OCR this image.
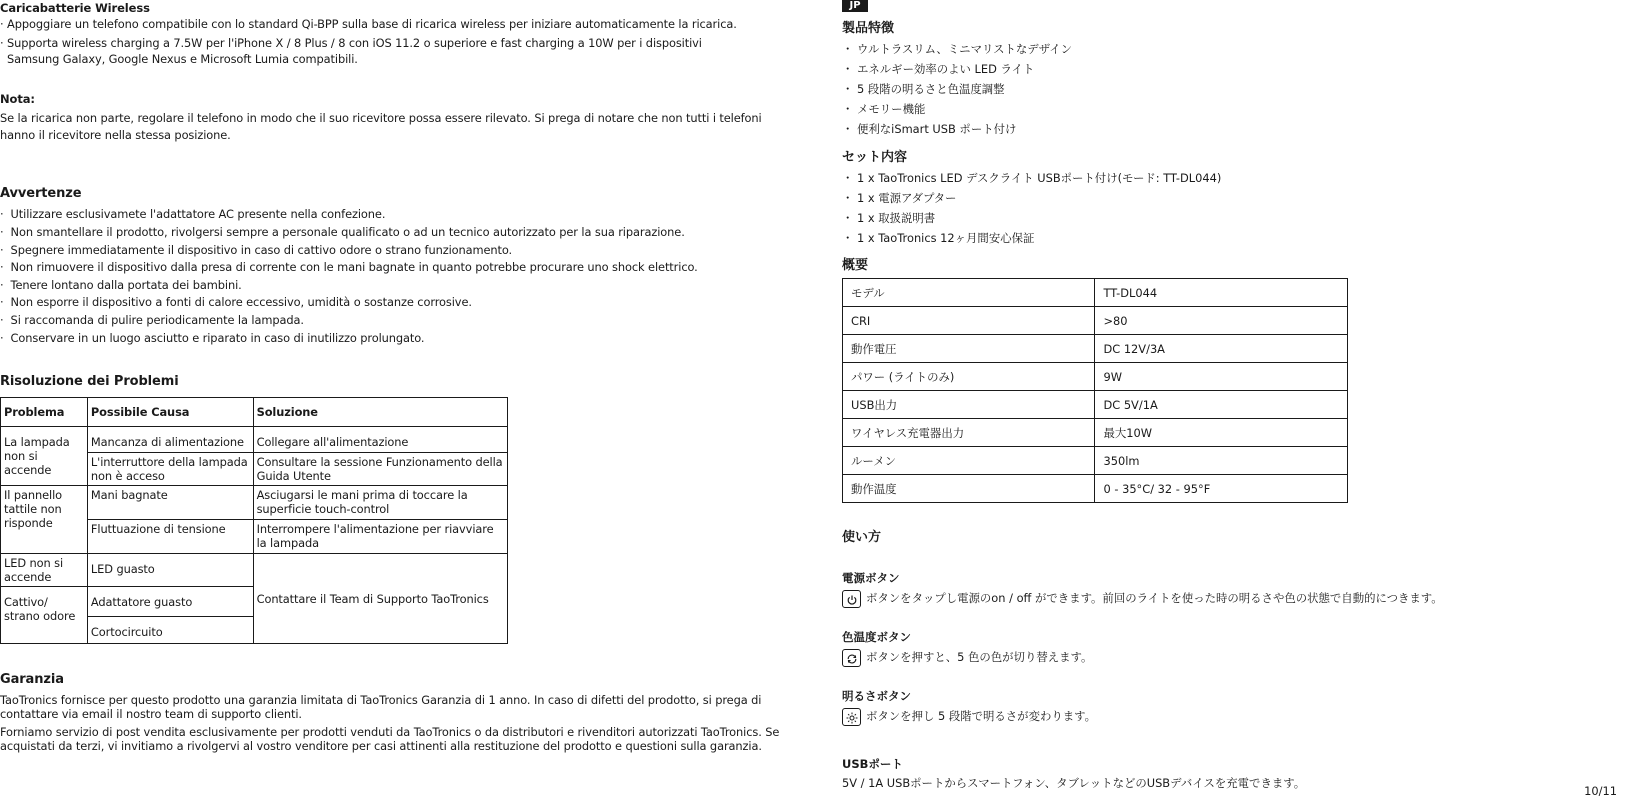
Caricabatterie Wireless
· Appoggiare un telefono compatibile con lo standard Qi-BPP sulla base di ricarica wireless per iniziare automaticamente la ricarica.
· Supporta wireless charging a 7.5W per l'iPhone X / 8 Plus / 8 con iOS 11.2 o superiore e fast charging a 10W per i dispositivi
Samsung Galaxy, Google Nexus e Microsoft Lumia compatibili.
Nota:
Se la ricarica non parte, regolare il telefono in modo che il suo ricevitore possa essere rilevato. Si prega di notare che non tutti i telefoni
hanno il ricevitore nella stessa posizione.
Avvertenze
·  Utilizzare esclusivamete l'adattatore AC presente nella confezione.
·  Non smantellare il prodotto, rivolgersi sempre a personale qualificato o ad un tecnico autorizzato per la sua riparazione.
·  Spegnere immediatamente il dispositivo in caso di cattivo odore o strano funzionamento.
·  Non rimuovere il dispositivo dalla presa di corrente con le mani bagnate in quanto potrebbe procurare uno shock elettrico.
·  Tenere lontano dalla portata dei bambini.
·  Non esporre il dispositivo a fonti di calore eccessivo, umidità o sostanze corrosive.
·  Si raccomanda di pulire periodicamente la lampada.
·  Conservare in un luogo asciutto e riparato in caso di inutilizzo prolungato.
Risoluzione dei Problemi
Problema	Possibile Causa	Soluzione
La lampada non si accende	Mancanza di alimentazione	Collegare all'alimentazione
	L'interruttore della lampada non è acceso	Consultare la sessione Funzionamento della Guida Utente
Il pannello tattile non risponde	Mani bagnate	Asciugarsi le mani prima di toccare la superficie touch-control
	Fluttuazione di tensione	Interrompere l'alimentazione per riavviare la lampada
LED non si accende	LED guasto	Contattare il Team di Supporto TaoTronics
Cattivo/ strano odore	Adattatore guasto	
	Cortocircuito	
Garanzia
TaoTronics fornisce per questo prodotto una garanzia limitata di TaoTronics Garanzia di 1 anno. In caso di difetti del prodotto, si prega di
contattare via email il nostro team di supporto clienti.
Forniamo servizio di post vendita esclusivamente per prodotti venduti da TaoTronics o da distributori e rivenditori autorizzati TaoTronics. Se
acquistati da terzi, vi invitiamo a rivolgervi al vostro venditore per casi attinenti alla restituzione del prodotto e questioni sulla garanzia.
JP
製品特徴
・ ウルトラスリム、ミニマリストなデザイン
・ エネルギー効率のよい LED ライト
・ 5 段階の明るさと色温度調整
・ メモリー機能
・ 便利なiSmart USB ポート付け
セット内容
・ 1 x TaoTronics LED デスクライト USBポート付け(モード: TT-DL044)
・ 1 x 電源アダプター
・ 1 x 取扱説明書
・ 1 x TaoTronics 12ヶ月間安心保証
概要
モデル	TT-DL044
CRI	>80
動作電圧	DC 12V/3A
パワー (ライトのみ)	9W
USB出力	DC 5V/1A
ワイヤレス充電器出力	最大10W
ルーメン	350lm
動作温度	0 - 35°C/ 32 - 95°F
使い方
電源ボタン
ボタンをタップし電源のon / off ができます。前回のライトを使った時の明るさや色の状態で自動的につきます。
色温度ボタン
ボタンを押すと、5 色の色が切り替えます。
明るさボタン
ボタンを押し 5 段階で明るさが変わります。
USBポート
5V / 1A USBポートからスマートフォン、タブレットなどのUSBデバイスを充電できます。
10/11
